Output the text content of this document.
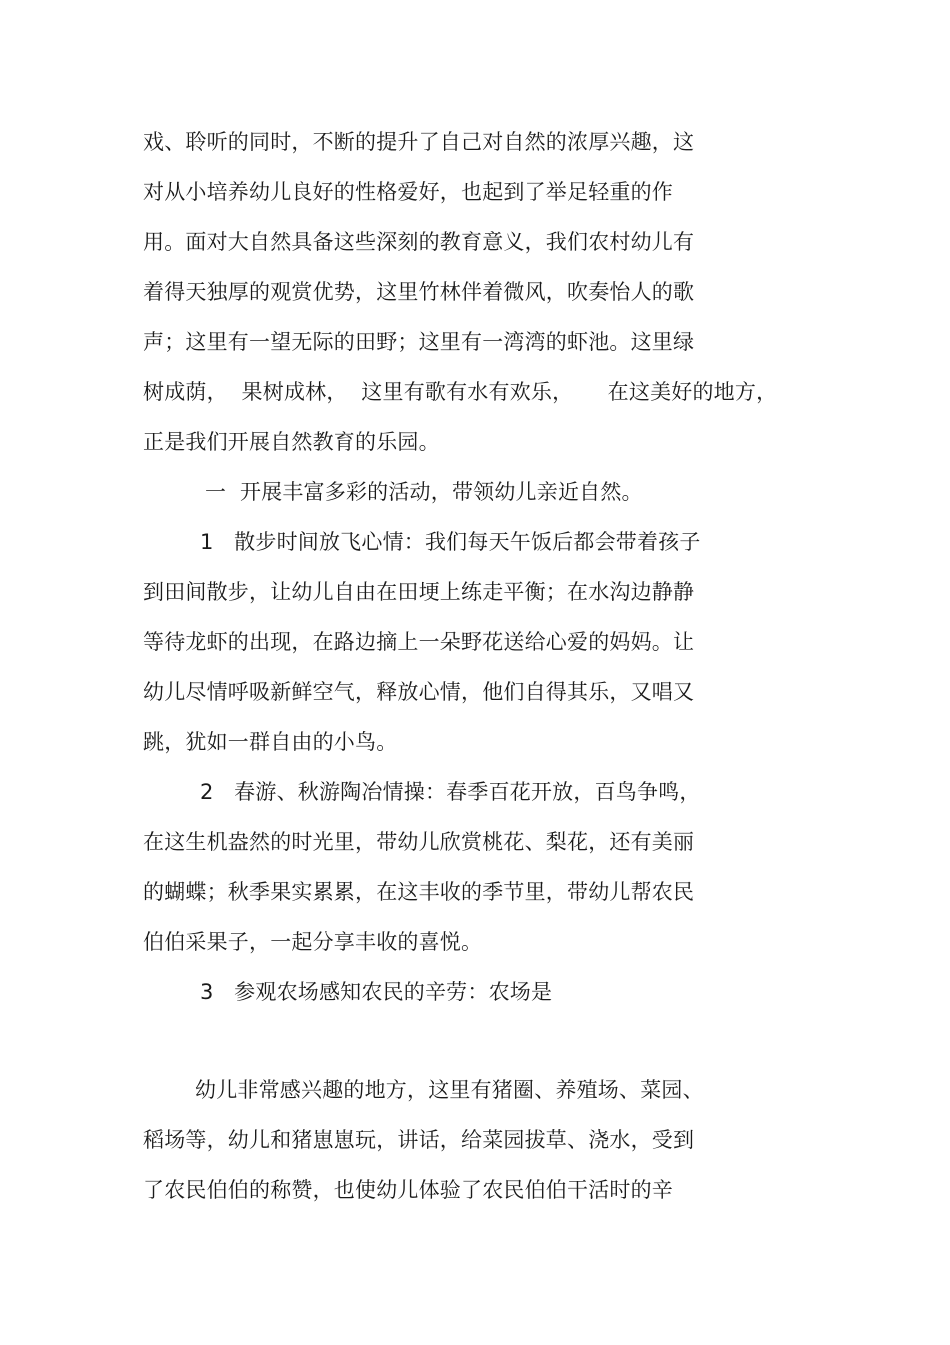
戏、聆听的同时，不断的提升了自己对自然的浓厚兴趣，这
对从小培养幼儿良好的性格爱好，也起到了举足轻重的作
用。面对大自然具备这些深刻的教育意义，我们农村幼儿有
着得天独厚的观赏优势，这里竹林伴着微风，吹奏怡人的歌
声；这里有一望无际的田野；这里有一湾湾的虾池。这里绿
树成荫，  果树成林，  这里有歌有水有欢乐，     在这美好的地方，
正是我们开展自然教育的乐园。
一  开展丰富多彩的活动，带领幼儿亲近自然。
1   散步时间放飞心情：我们每天午饭后都会带着孩子
到田间散步，让幼儿自由在田埂上练走平衡；在水沟边静静
等待龙虾的出现，在路边摘上一朵野花送给心爱的妈妈。让
幼儿尽情呼吸新鲜空气，释放心情，他们自得其乐，又唱又
跳，犹如一群自由的小鸟。
2   春游、秋游陶冶情操：春季百花开放，百鸟争鸣，
在这生机盎然的时光里，带幼儿欣赏桃花、梨花，还有美丽
的蝴蝶；秋季果实累累，在这丰收的季节里，带幼儿帮农民
伯伯采果子，一起分享丰收的喜悦。
3   参观农场感知农民的辛劳：农场是
幼儿非常感兴趣的地方，这里有猪圈、养殖场、菜园、
稻场等，幼儿和猪崽崽玩，讲话，给菜园拔草、浇水，受到
了农民伯伯的称赞，也使幼儿体验了农民伯伯干活时的辛
